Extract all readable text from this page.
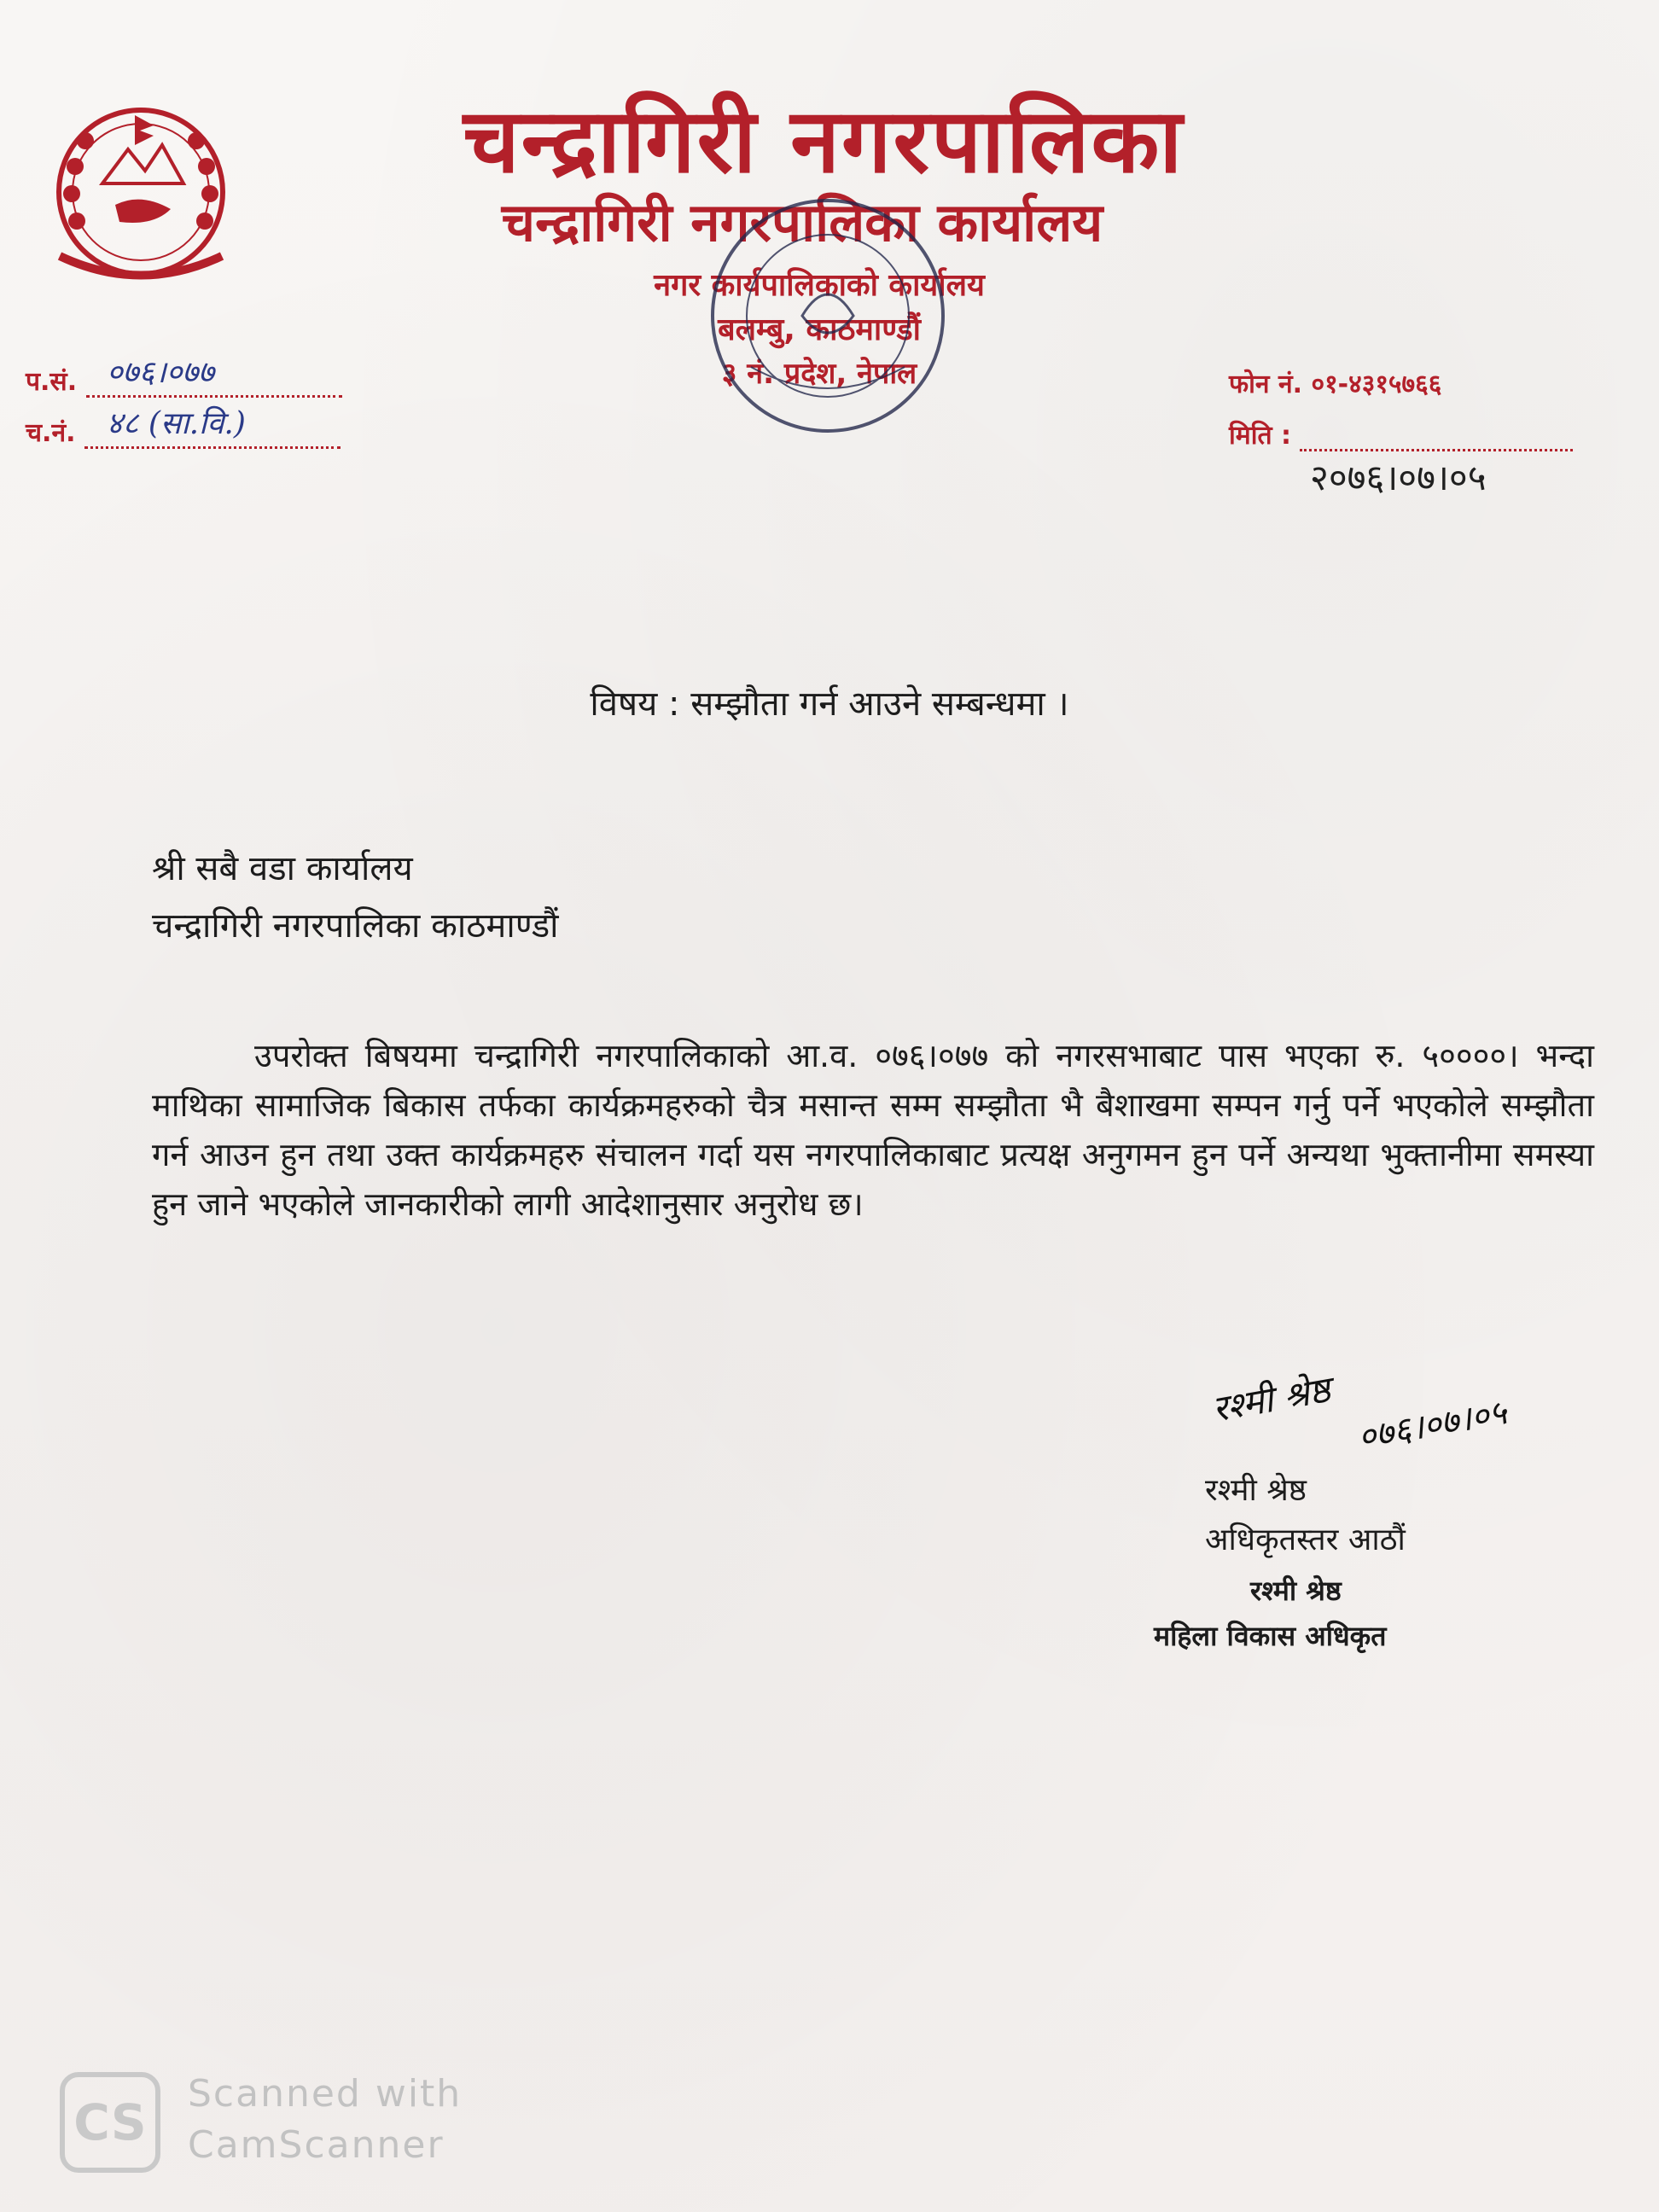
चन्द्रागिरी नगरपालिका
चन्द्रागिरी नगरपालिका कार्यालय
नगर कार्यपालिकाको कार्यालय
बलम्बु, काठमाण्डौं
३ नं. प्रदेश, नेपाल
प.सं. ०७६।०७७
च.नं.	४८ (सा.वि.)
फोन नं. ०१-४३१५७६६
मिति :
२०७६।०७।०५
विषय : सम्झौता गर्न आउने सम्बन्धमा ।
श्री सबै वडा कार्यालय
चन्द्रागिरी नगरपालिका काठमाण्डौं
उपरोक्त बिषयमा चन्द्रागिरी नगरपालिकाको आ.व. ०७६।०७७ को नगरसभाबाट पास भएका रु. ५००००। भन्दा माथिका सामाजिक बिकास तर्फका कार्यक्रमहरुको चैत्र मसान्त सम्म सम्झौता भै बैशाखमा सम्पन गर्नु पर्ने भएकोले सम्झौता गर्न आउन हुन तथा उक्त कार्यक्रमहरु संचालन गर्दा यस नगरपालिकाबाट प्रत्यक्ष अनुगमन हुन पर्ने अन्यथा भुक्तानीमा समस्या हुन जाने भएकोले जानकारीको लागी आदेशानुसार अनुरोध छ।
रश्मी श्रेष्ठ ०७६।०७।०५
रश्मी श्रेष्ठ
अधिकृतस्तर आठौं
रश्मी श्रेष्ठ
महिला विकास अधिकृत
CS	Scanned with
CamScanner
